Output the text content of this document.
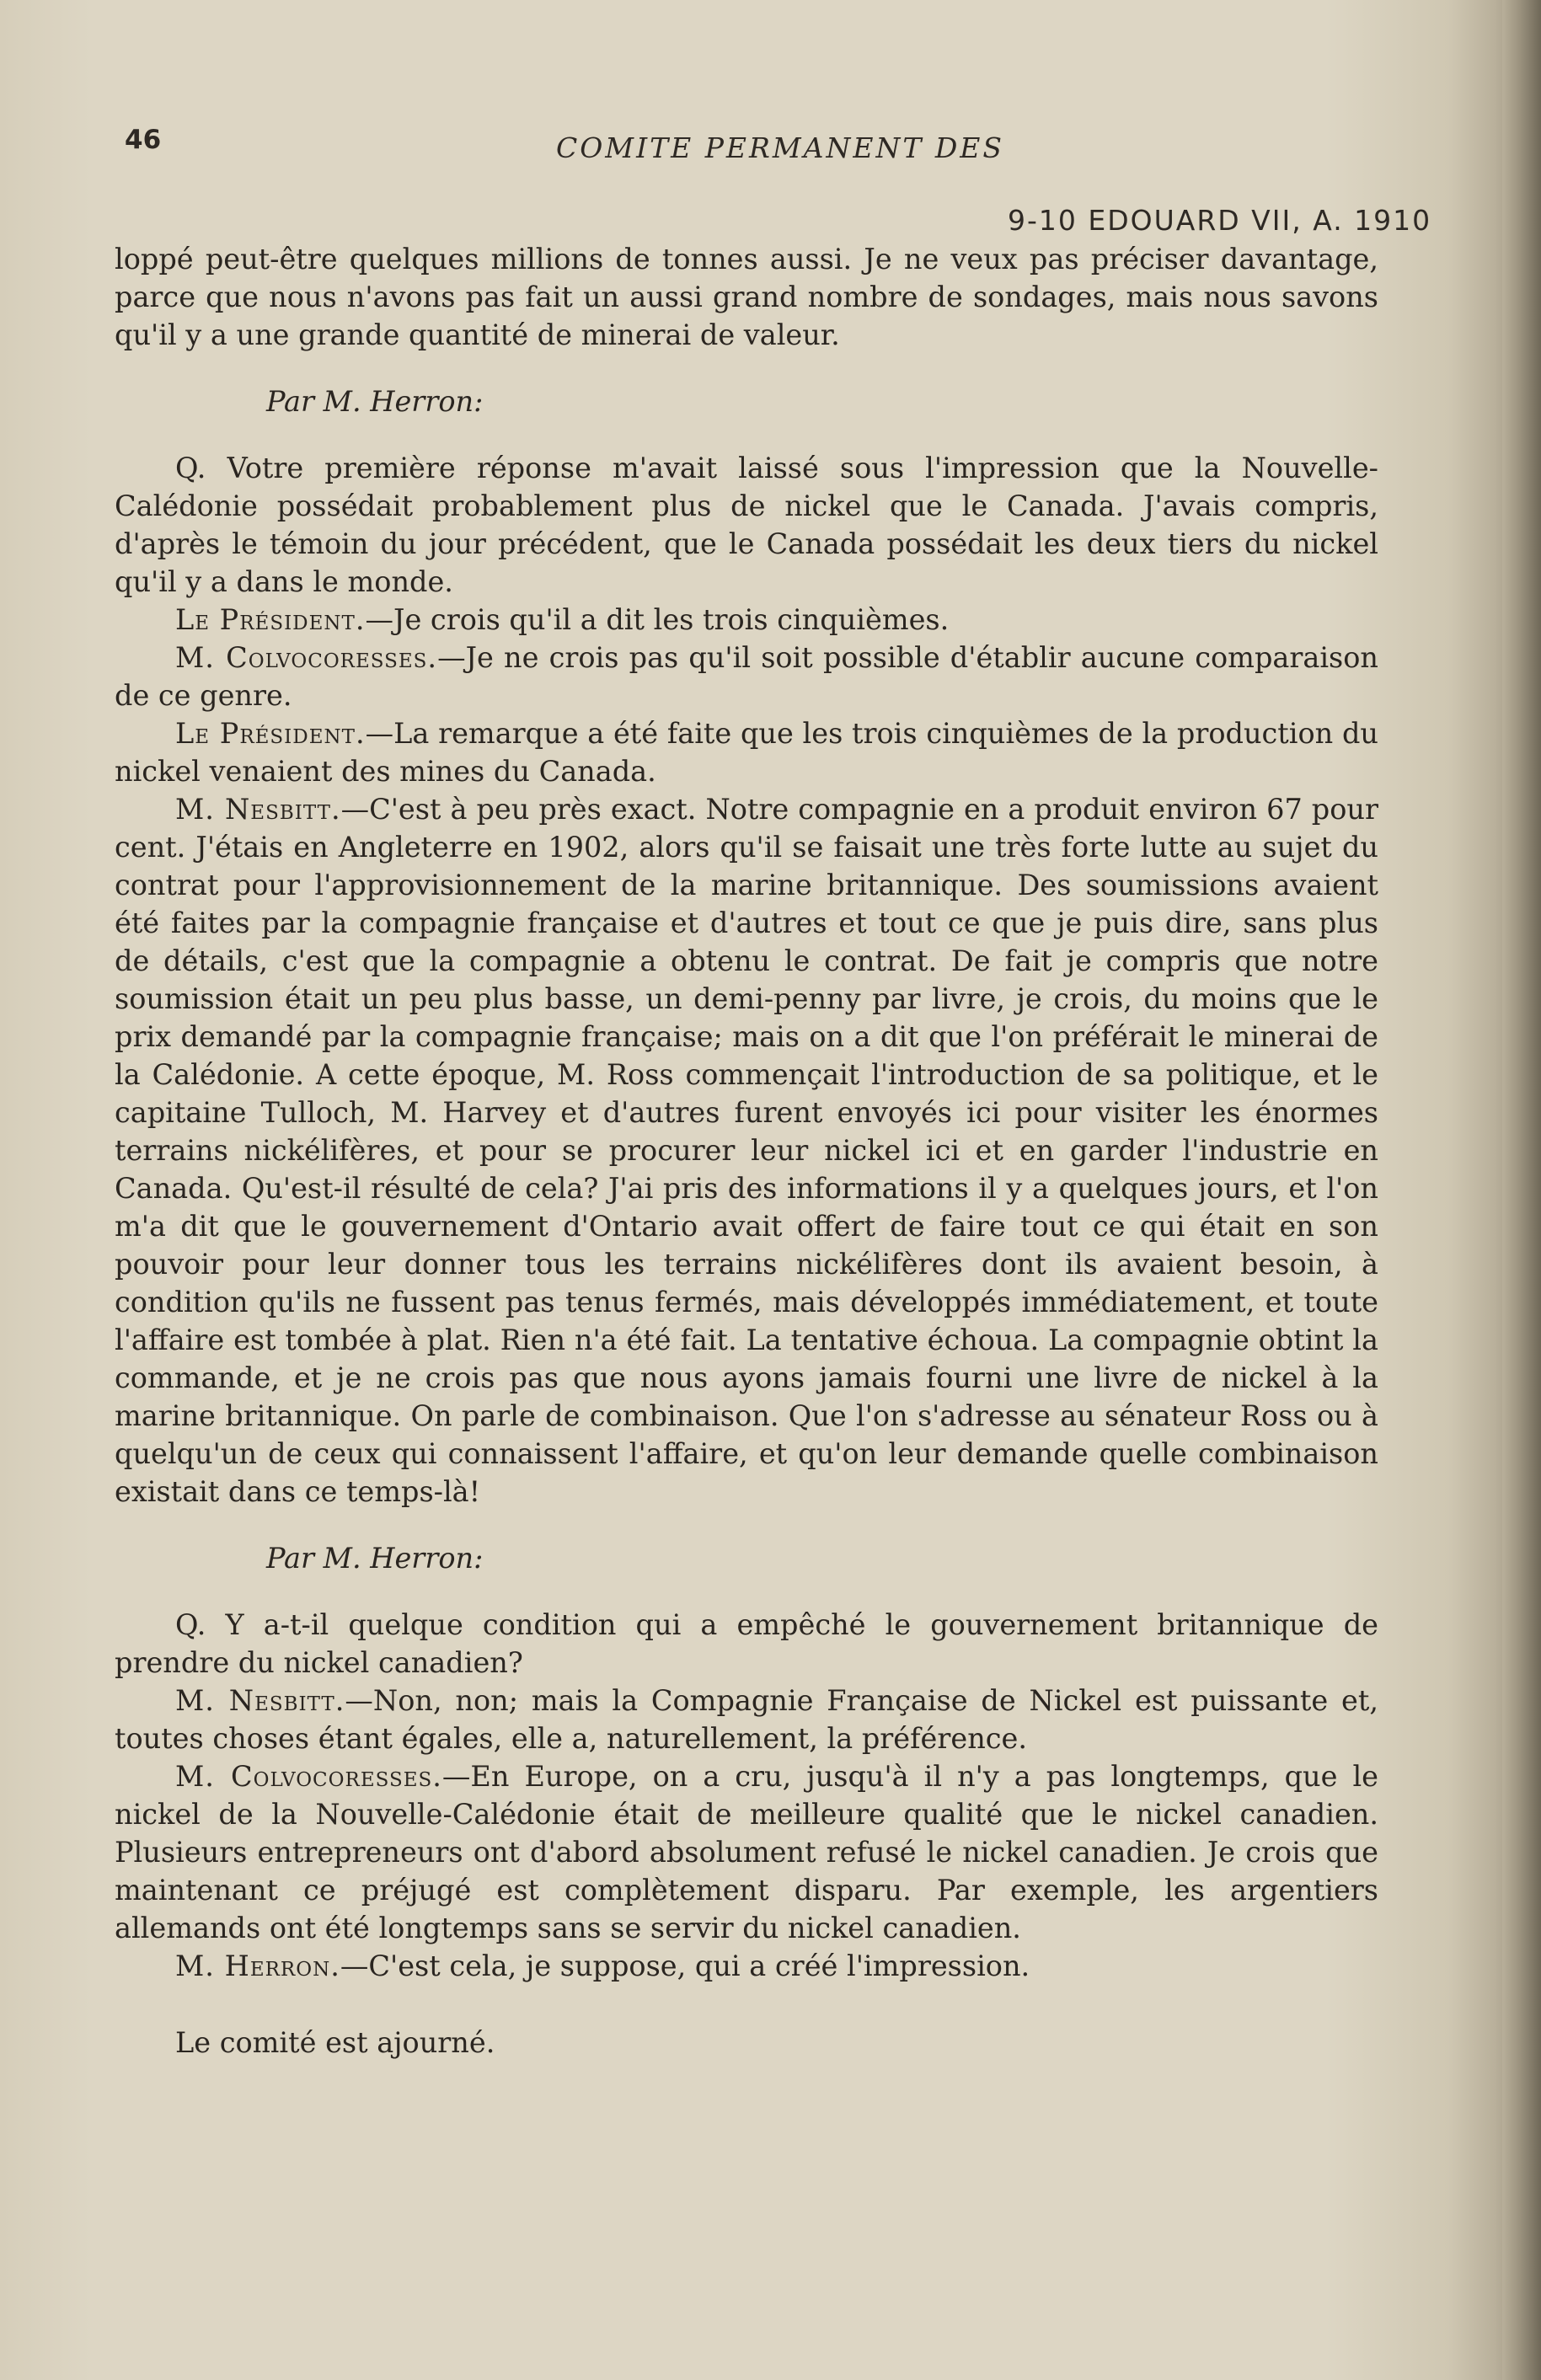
46	COMITE PERMANENT DES
9-10 EDOUARD VII, A. 1910

loppé peut-être quelques millions de tonnes aussi. Je ne veux pas préciser davantage, parce que nous n'avons pas fait un aussi grand nombre de sondages, mais nous savons qu'il y a une grande quantité de minerai de valeur.

Par M. Herron:

Q. Votre première réponse m'avait laissé sous l'impression que la Nouvelle-Calédonie possédait probablement plus de nickel que le Canada. J'avais compris, d'après le témoin du jour précédent, que le Canada possédait les deux tiers du nickel qu'il y a dans le monde.

Le Président.—Je crois qu'il a dit les trois cinquièmes.

M. Colvocoresses.—Je ne crois pas qu'il soit possible d'établir aucune comparaison de ce genre.

Le Président.—La remarque a été faite que les trois cinquièmes de la production du nickel venaient des mines du Canada.

M. Nesbitt.—C'est à peu près exact. Notre compagnie en a produit environ 67 pour cent. J'étais en Angleterre en 1902, alors qu'il se faisait une très forte lutte au sujet du contrat pour l'approvisionnement de la marine britannique. Des soumissions avaient été faites par la compagnie française et d'autres et tout ce que je puis dire, sans plus de détails, c'est que la compagnie a obtenu le contrat. De fait je compris que notre soumission était un peu plus basse, un demi-penny par livre, je crois, du moins que le prix demandé par la compagnie française; mais on a dit que l'on préférait le minerai de la Calédonie. A cette époque, M. Ross commençait l'introduction de sa politique, et le capitaine Tulloch, M. Harvey et d'autres furent envoyés ici pour visiter les énormes terrains nickélifères, et pour se procurer leur nickel ici et en garder l'industrie en Canada. Qu'est-il résulté de cela? J'ai pris des informations il y a quelques jours, et l'on m'a dit que le gouvernement d'Ontario avait offert de faire tout ce qui était en son pouvoir pour leur donner tous les terrains nickélifères dont ils avaient besoin, à condition qu'ils ne fussent pas tenus fermés, mais développés immédiatement, et toute l'affaire est tombée à plat. Rien n'a été fait. La tentative échoua. La compagnie obtint la commande, et je ne crois pas que nous ayons jamais fourni une livre de nickel à la marine britannique. On parle de combinaison. Que l'on s'adresse au sénateur Ross ou à quelqu'un de ceux qui connaissent l'affaire, et qu'on leur demande quelle combinaison existait dans ce temps-là!

Par M. Herron:

Q. Y a-t-il quelque condition qui a empêché le gouvernement britannique de prendre du nickel canadien?

M. Nesbitt.—Non, non; mais la Compagnie Française de Nickel est puissante et, toutes choses étant égales, elle a, naturellement, la préférence.

M. Colvocoresses.—En Europe, on a cru, jusqu'à il n'y a pas longtemps, que le nickel de la Nouvelle-Calédonie était de meilleure qualité que le nickel canadien. Plusieurs entrepreneurs ont d'abord absolument refusé le nickel canadien. Je crois que maintenant ce préjugé est complètement disparu. Par exemple, les argentiers allemands ont été longtemps sans se servir du nickel canadien.

M. Herron.—C'est cela, je suppose, qui a créé l'impression.

Le comité est ajourné.
